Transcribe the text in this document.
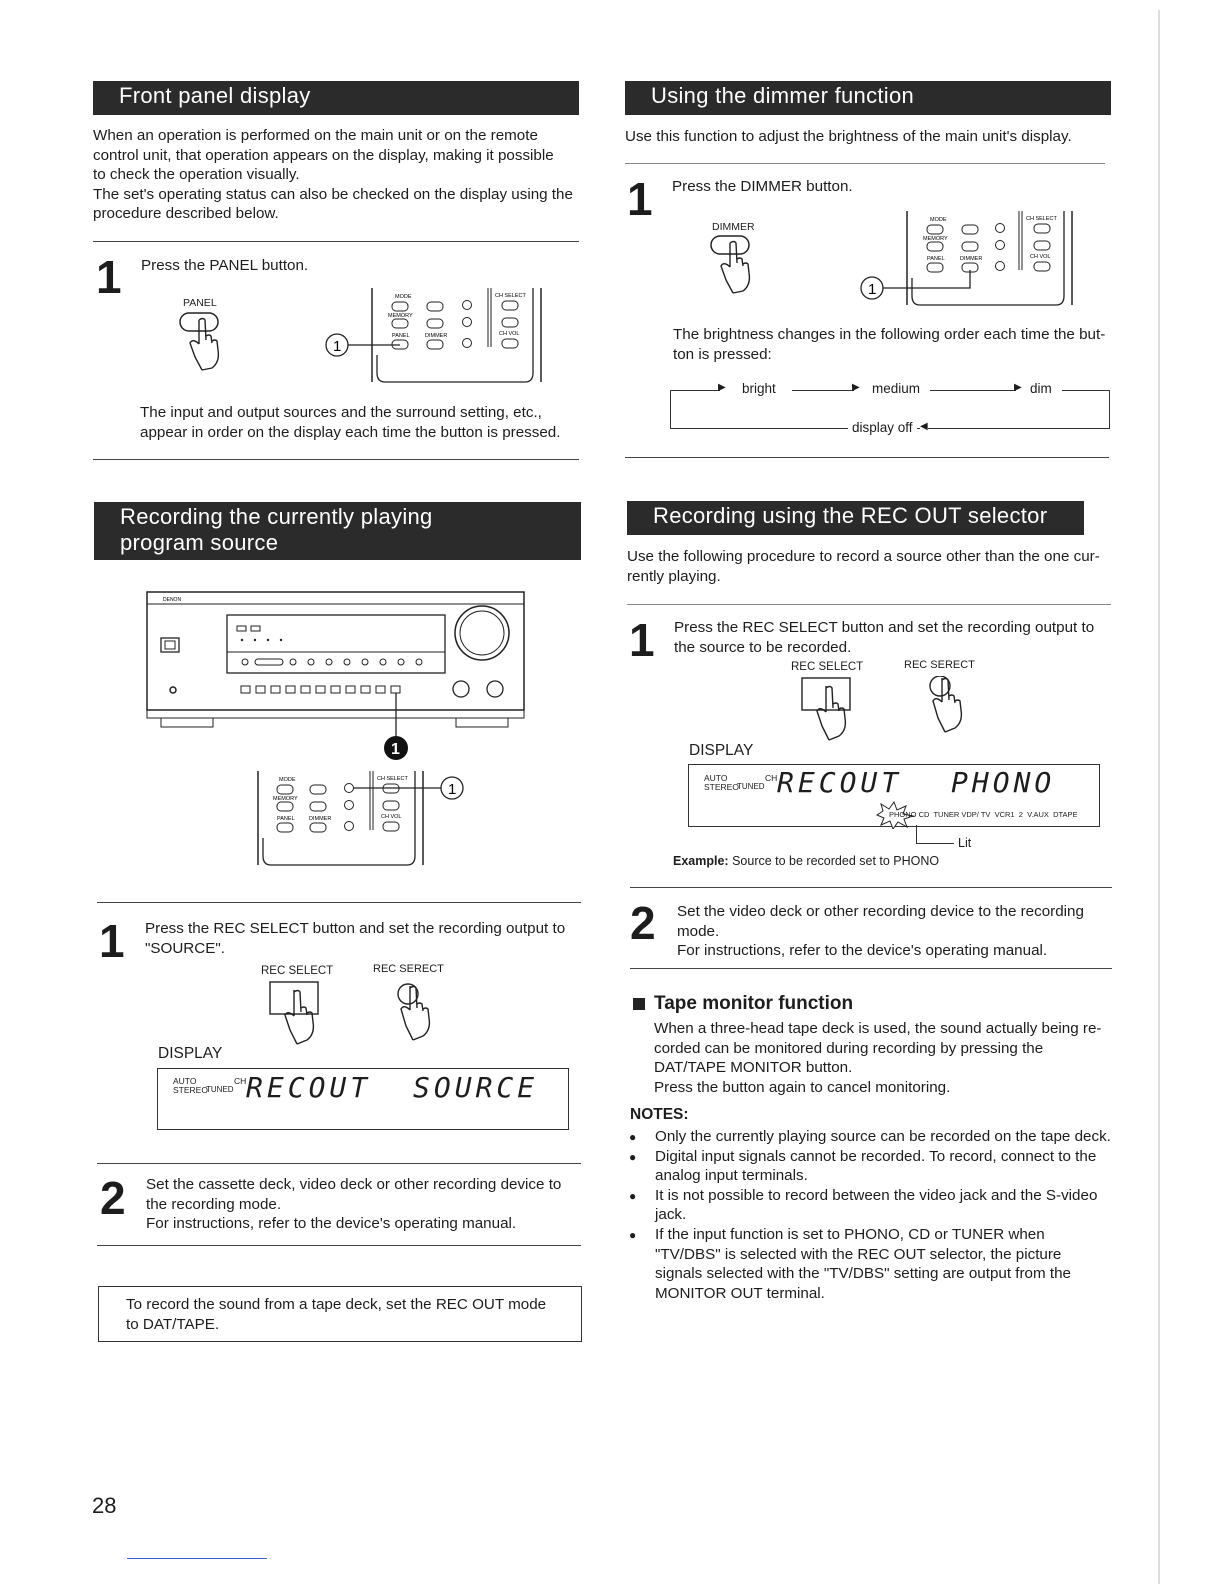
Front panel display
When an operation is performed on the main unit or on the remote
control unit, that operation appears on the display, making it possible
to check the operation visually.
The set's operating status can also be checked on the display using the
procedure described below.
1 Press the PANEL button.
PANEL	MODE
MEMORY
PANEL	DIMMER
CH SELECT
CH VOL
1
The input and output sources and the surround setting, etc.,
appear in order on the display each time the button is pressed.
Recording the currently playing
program source
DENON
1
MODE
MEMORY
PANEL	DIMMER
CH SELECT
CH VOL
1
1 Press the REC SELECT button and set the recording output to
"SOURCE".
REC SELECT	REC SERECT
DISPLAY
AUTO	CH
STEREO
TUNED RECOUT SOURCE
2 Set the cassette deck, video deck or other recording device to
the recording mode.
For instructions, refer to the device's operating manual.
To record the sound from a tape deck, set the REC OUT mode
to DAT/TAPE.
28
Using the dimmer function
Use this function to adjust the brightness of the main unit's display.
1 Press the DIMMER button.
DIMMER
MODE
MEMORY
PANEL	DIMMER
CH SELECT
CH VOL
1
The brightness changes in the following order each time the but-
ton is pressed:
▶ bright	▶ medium	▶ dim
display off ◀
Recording using the REC OUT selector
Use the following procedure to record a source other than the one cur-
rently playing.
1 Press the REC SELECT button and set the recording output to
the source to be recorded.
REC SELECT	REC SERECT
DISPLAY
AUTO	CH
STEREO
TUNED RECOUT PHONO
PHONO CD  TUNER VDP/ TV  VCR1  2  V.AUX  DTAPE
Lit
Example: Source to be recorded set to PHONO
2 Set the video deck or other recording device to the recording
mode.
For instructions, refer to the device's operating manual.
Tape monitor function
When a three-head tape deck is used, the sound actually being re-
corded can be monitored during recording by pressing the
DAT/TAPE MONITOR button.
Press the button again to cancel monitoring.
NOTES:
● Only the currently playing source can be recorded on the tape deck.
● Digital input signals cannot be recorded. To record, connect to the
analog input terminals.
● It is not possible to record between the video jack and the S-video
jack.
● If the input function is set to PHONO, CD or TUNER when
"TV/DBS" is selected with the REC OUT selector, the picture
signals selected with the "TV/DBS" setting are output from the
MONITOR OUT terminal.
